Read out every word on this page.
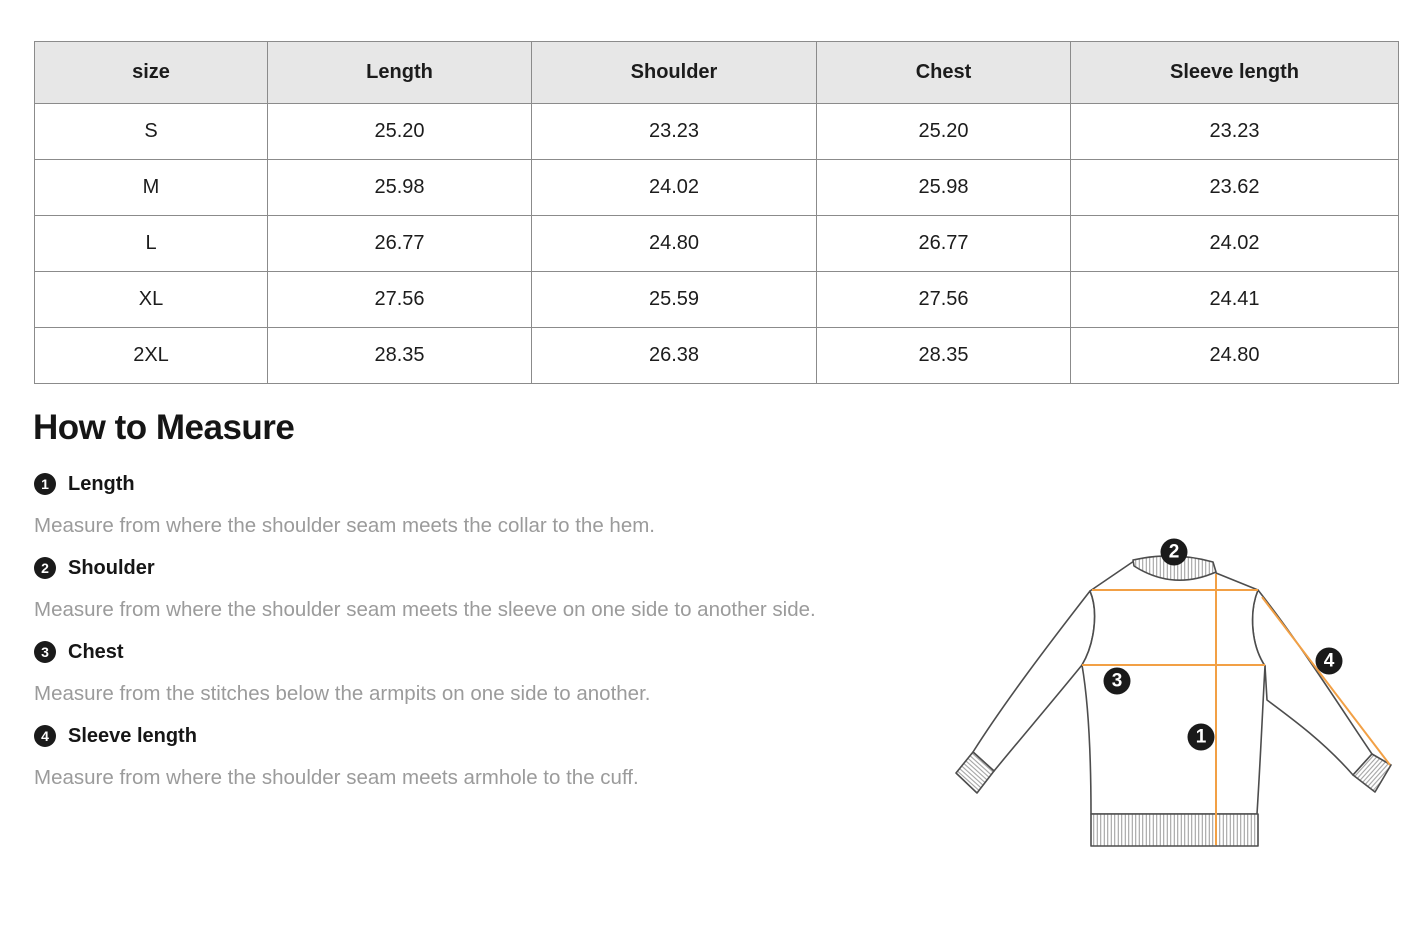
size	Length	Shoulder	Chest	Sleeve length
S	25.20	23.23	25.20	23.23
M	25.98	24.02	25.98	23.62
L	26.77	24.80	26.77	24.02
XL	27.56	25.59	27.56	24.41
2XL	28.35	26.38	28.35	24.80
How to Measure
1 Length
Measure from where the shoulder seam meets the collar to the hem.
2 Shoulder
Measure from where the shoulder seam meets the sleeve on one side to another side.
3 Chest
Measure from the stitches below the armpits on one side to another.
4 Sleeve length
Measure from where the shoulder seam meets armhole to the cuff.
2
3
1
4
